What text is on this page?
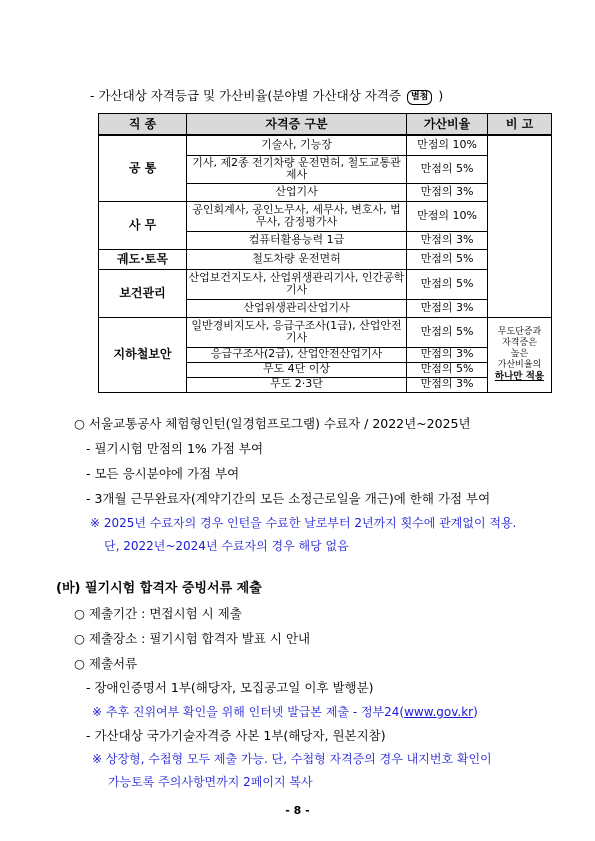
- 가산대상 자격등급 및 가산비율(분야별 가산대상 자격증 별첨 )
직 종	자격증 구분	가산비율	비 고
공 통	기술사, 기능장	만점의 10%	
	기사, 제2종 전기차량 운전면허, 철도교통관제사	만점의 5%	
	산업기사	만점의 3%	
사 무	공인회계사, 공인노무사, 세무사, 변호사, 법무사, 감정평가사	만점의 10%	
	컴퓨터활용능력 1급	만점의 3%	
궤도·토목	철도차량 운전면허	만점의 5%	
보건관리	산업보건지도사, 산업위생관리기사, 인간공학기사	만점의 5%	
	산업위생관리산업기사	만점의 3%	
지하철보안	일반경비지도사, 응급구조사(1급), 산업안전기사	만점의 5%	무도단증과
자격증은
높은
가산비율의
하나만 적용

	응급구조사(2급), 산업안전산업기사	만점의 3%	
	무도 4단 이상	만점의 5%	
	무도 2·3단	만점의 3%	
○ 서울교통공사 체험형인턴(일경험프로그램) 수료자 / 2022년~2025년
- 필기시험 만점의 1% 가점 부여
- 모든 응시분야에 가점 부여
- 3개월 근무완료자(계약기간의 모든 소정근로일을 개근)에 한해 가점 부여
※ 2025년 수료자의 경우 인턴을 수료한 날로부터 2년까지 횟수에 관계없이 적용.
단, 2022년~2024년 수료자의 경우 해당 없음
(바) 필기시험 합격자 증빙서류 제출
○ 제출기간 : 면접시험 시 제출
○ 제출장소 : 필기시험 합격자 발표 시 안내
○ 제출서류
- 장애인증명서 1부(해당자, 모집공고일 이후 발행분)
※ 추후 진위여부 확인을 위해 인터넷 발급본 제출 - 정부24(www.gov.kr)
- 가산대상 국가기술자격증 사본 1부(해당자, 원본지참)
※ 상장형, 수첩형 모두 제출 가능. 단, 수첩형 자격증의 경우 내지번호 확인이
가능토록 주의사항면까지 2페이지 복사
- 8 -
